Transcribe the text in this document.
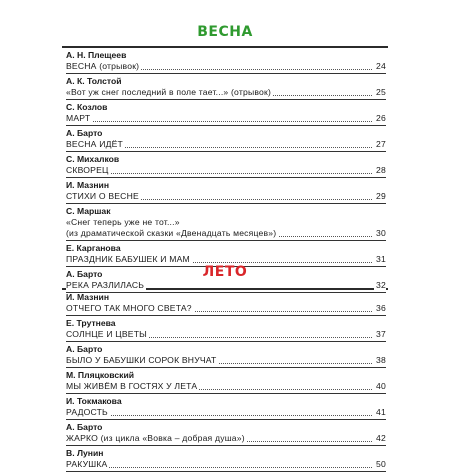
ВЕСНА
А. Н. Плещеев
ВЕСНА (отрывок)	24
А. К. Толстой
«Вот уж снег последний в поле тает...» (отрывок)	25
С. Козлов
МАРТ	26
А. Барто
ВЕСНА ИДЁТ	27
С. Михалков
СКВОРЕЦ	28
И. Мазнин
СТИХИ О ВЕСНЕ	29
С. Маршак
«Снег теперь уже не тот...»
(из драматической сказки «Двенадцать месяцев»)	30
Е. Карганова
ПРАЗДНИК БАБУШЕК И МАМ	31
А. Барто
РЕКА РАЗЛИЛАСЬ	32
ЛЕТО
И. Мазнин
ОТЧЕГО ТАК МНОГО СВЕТА?	36
Е. Трутнева
СОЛНЦЕ И ЦВЕТЫ	37
А. Барто
БЫЛО У БАБУШКИ СОРОК ВНУЧАТ	38
М. Пляцковский
МЫ ЖИВЁМ В ГОСТЯХ У ЛЕТА	40
И. Токмакова
РАДОСТЬ	41
А. Барто
ЖАРКО (из цикла «Вовка – добрая душа»)	42
В. Лунин
РАКУШКА	50
